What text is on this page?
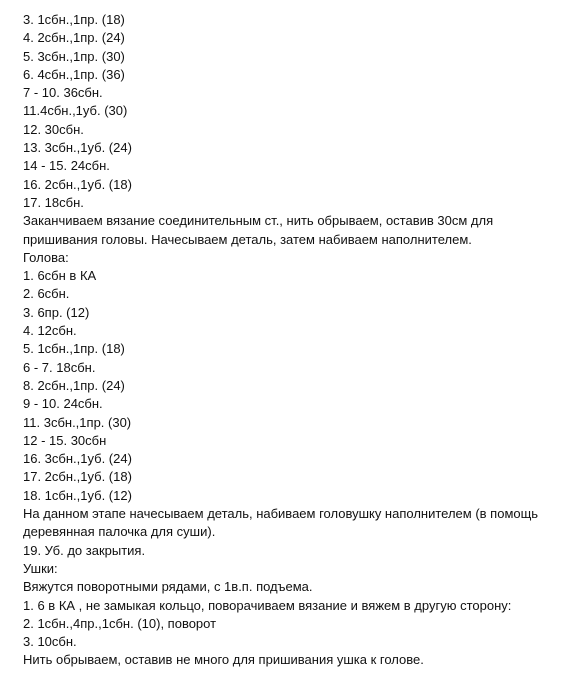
3. 1сбн.,1пр. (18)
4. 2сбн.,1пр. (24)
5. 3сбн.,1пр. (30)
6. 4сбн.,1пр. (36)
7 - 10. 36сбн.
11.4сбн.,1уб. (30)
12. 30сбн.
13. 3сбн.,1уб. (24)
14 - 15. 24сбн.
16. 2сбн.,1уб. (18)
17. 18сбн.
Заканчиваем вязание соединительным ст., нить обрываем, оставив 30см для пришивания головы. Начесываем деталь, затем набиваем наполнителем.
Голова:
1. 6сбн в КА
2. 6сбн.
3. 6пр. (12)
4. 12сбн.
5. 1сбн.,1пр. (18)
6 - 7. 18сбн.
8. 2сбн.,1пр. (24)
9 - 10. 24сбн.
11. 3сбн.,1пр. (30)
12 - 15. 30сбн
16. 3сбн.,1уб. (24)
17. 2сбн.,1уб. (18)
18. 1сбн.,1уб. (12)
На данном этапе начесываем деталь, набиваем головушку наполнителем (в помощь деревянная палочка для суши).
19. Уб. до закрытия.
Ушки:
Вяжутся поворотными рядами, с 1в.п. подъема.
1. 6 в КА , не замыкая кольцо, поворачиваем вязание и вяжем в другую сторону:
2. 1сбн.,4пр.,1сбн. (10), поворот
3. 10сбн.
Нить обрываем, оставив не много для пришивания ушка к голове.
